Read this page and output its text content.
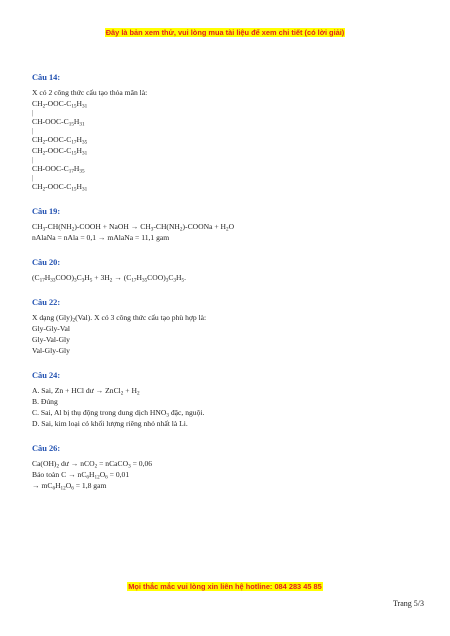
Đây là bản xem thử, vui lòng mua tài liệu để xem chi tiết (có lời giải)
Câu 14:
X có 2 công thức cấu tạo thỏa mãn là:
$CH_2-OOC-C_{15}H_{31}$
|
$CH-OOC-C_{15}H_{31}$
|
$CH_2-OOC-C_{17}H_{35}$
$CH_2-OOC-C_{15}H_{31}$
|
$CH-OOC-C_{17}H_{35}$
|
$CH_2-OOC-C_{15}H_{31}$
Câu 19:
$CH_3-CH(NH_2)$-COOH + NaOH → $CH_3-CH(NH_2)$-COONa + $H_2O$
nAlaNa = nAla = 0,1 → mAlaNa = 11,1 gam
Câu 20:
$(C_{17}H_{33}COO)_3C_3H_5 + 3H_2 \to (C_{17}H_{35}COO)_3C_3H_5$.
Câu 22:
X dạng $(Gly)_2(Val)$. X có 3 công thức cấu tạo phù hợp là:
Gly-Gly-Val
Gly-Val-Gly
Val-Gly-Gly
Câu 24:
A. Sai, Zn + HCl dư → ZnCl$_2$ + $H_2$
B. Đúng
C. Sai, Al bị thụ động trong dung dịch $HNO_3$ đặc, nguội.
D. Sai, kim loại có khối lượng riêng nhỏ nhất là Li.
Câu 26:
$Ca(OH)_2$ dư → nCO$_2$ = nCaCO$_3$ = 0,06
Bảo toàn $C \to nC_6H_{12}O_6 = 0,01$
→ $mC_6H_{12}O_6 = 1,8$ gam
Mọi thắc mắc vui lòng xin liên hệ hotline: 084 283 45 85
Trang 5/3
